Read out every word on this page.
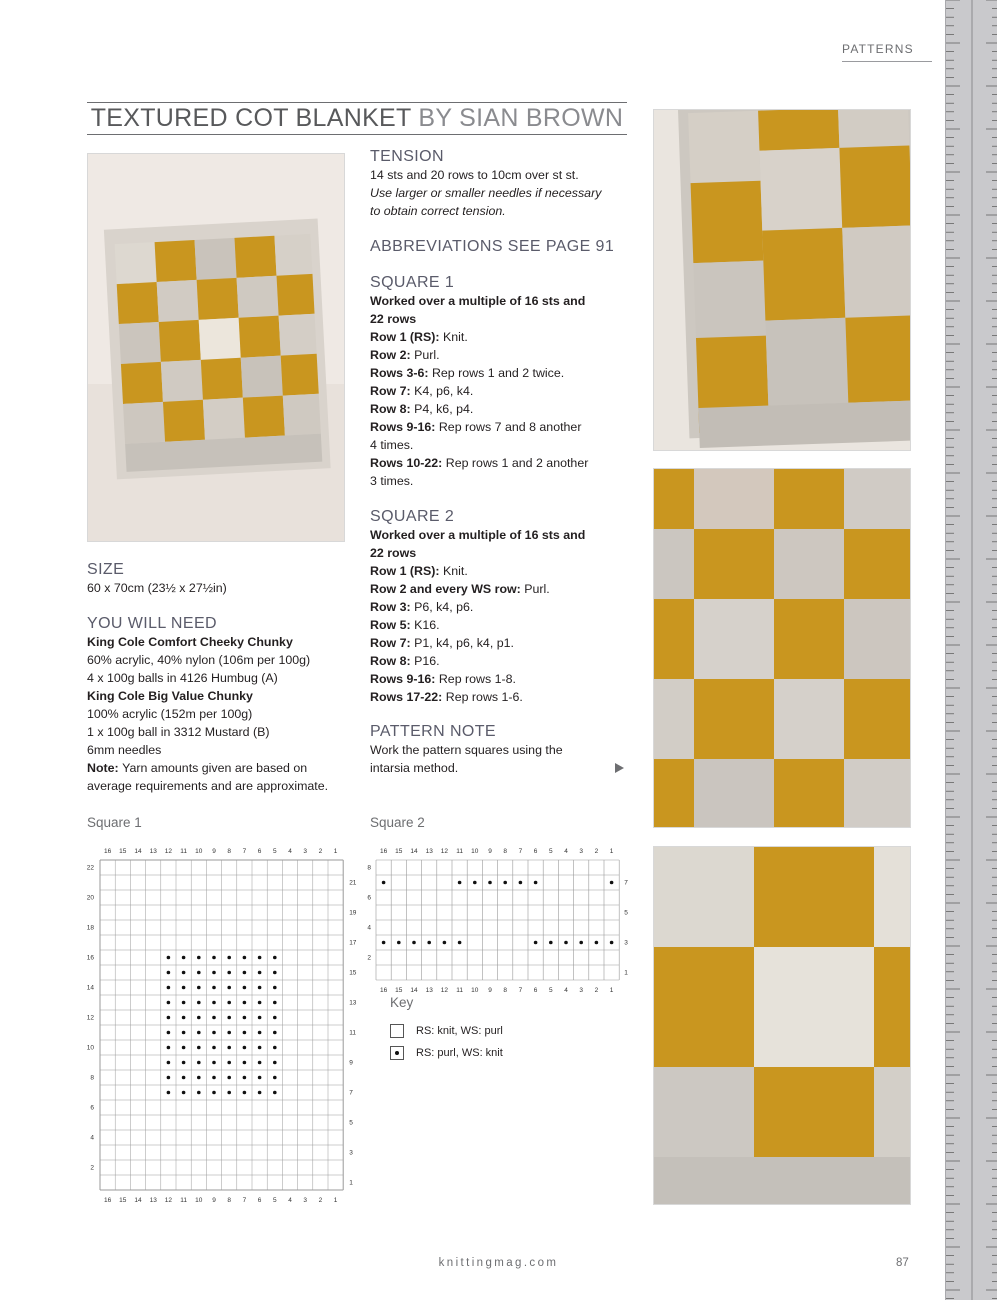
PATTERNS
TEXTURED COT BLANKET BY SIAN BROWN
SIZE
60 x 70cm (23½ x 27½in)
YOU WILL NEED
King Cole Comfort Cheeky Chunky
60% acrylic, 40% nylon (106m per 100g)
4 x 100g balls in 4126 Humbug (A)
King Cole Big Value Chunky
100% acrylic (152m per 100g)
1 x 100g ball in 3312 Mustard (B)
6mm needles
Note: Yarn amounts given are based on
average requirements and are approximate.
TENSION
14 sts and 20 rows to 10cm over st st.
Use larger or smaller needles if necessary
to obtain correct tension.
ABBREVIATIONS SEE PAGE 91
SQUARE 1
Worked over a multiple of 16 sts and
22 rows
Row 1 (RS): Knit.
Row 2: Purl.
Rows 3-6: Rep rows 1 and 2 twice.
Row 7: K4, p6, k4.
Row 8: P4, k6, p4.
Rows 9-16: Rep rows 7 and 8 another
4 times.
Rows 10-22: Rep rows 1 and 2 another
3 times.
SQUARE 2
Worked over a multiple of 16 sts and
22 rows
Row 1 (RS): Knit.
Row 2 and every WS row: Purl.
Row 3: P6, k4, p6.
Row 5: K16.
Row 7: P1, k4, p6, k4, p1.
Row 8: P16.
Rows 9-16: Rep rows 1-8.
Rows 17-22: Rep rows 1-6.
PATTERN NOTE
Work the pattern squares using the
intarsia method.
Square 1	Square 2
16
16
15
15
14
14
13
13
12
12
11
11
10
10
9
9
8
8
7
7
6
6
5
5
4
4
3
3
2
2
1
1
22
20
18
16
14
12
10
8
6
4
2
21
19
17
15
13
11
9
7
5
3
1
16
16
15
15
14
14
13
13
12
12
11
11
10
10
9
9
8
8
7
7
6
6
5
5
4
4
3
3
2
2
1
1
8
6
4
2
7
5
3
1
Key
RS: knit, WS: purl
RS: purl, WS: knit
knittingmag.com	87
